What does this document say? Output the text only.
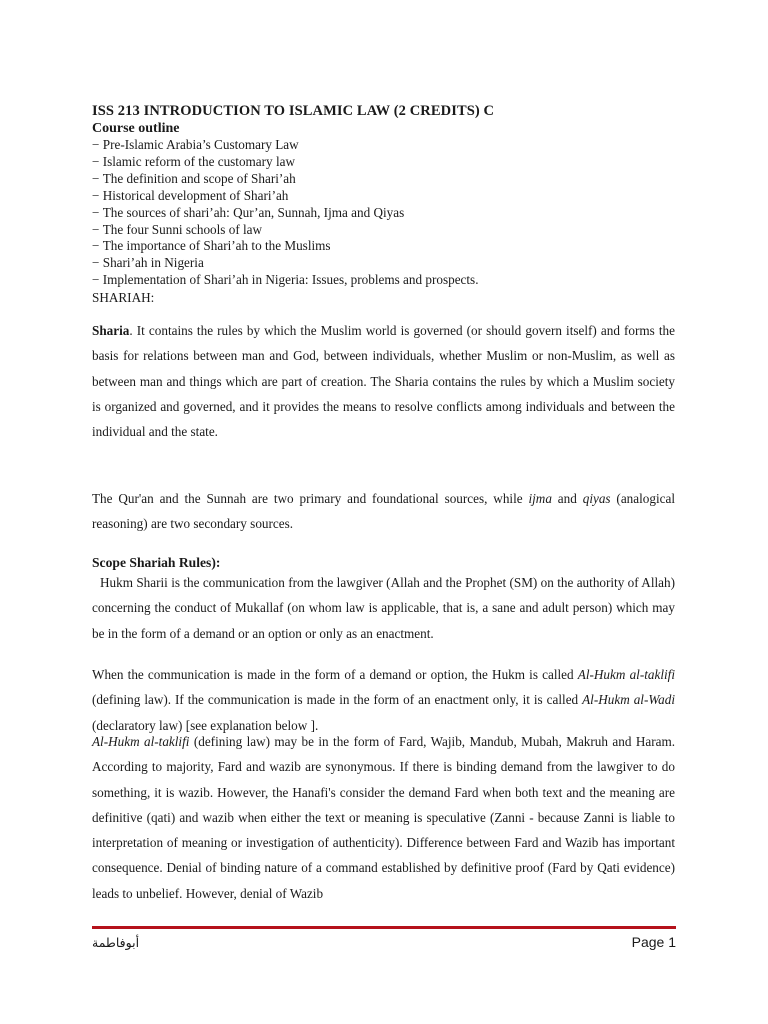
ISS 213 INTRODUCTION TO ISLAMIC LAW (2 CREDITS) C
Course outline
− Pre-Islamic Arabia’s Customary Law
− Islamic reform of the customary law
− The definition and scope of Shari’ah
− Historical development of Shari’ah
− The sources of shari’ah: Qur’an, Sunnah, Ijma and Qiyas
− The four Sunni schools of law
− The importance of Shari’ah to the Muslims
− Shari’ah in Nigeria
− Implementation of Shari’ah in Nigeria: Issues, problems and prospects.
SHARIAH:

Sharia. It contains the rules by which the Muslim world is governed (or should govern itself) and forms the basis for relations between man and God, between individuals, whether Muslim or non-Muslim, as well as between man and things which are part of creation. The Sharia contains the rules by which a Muslim society is organized and governed, and it provides the means to resolve conflicts among individuals and between the individual and the state.

The Qur'an and the Sunnah are two primary and foundational sources, while ijma and qiyas (analogical reasoning) are two secondary sources.

Scope Shariah Rules):

Hukm Sharii is the communication from the lawgiver (Allah and the Prophet (SM) on the authority of Allah) concerning the conduct of Mukallaf (on whom law is applicable, that is, a sane and adult person) which may be in the form of a demand or an option or only as an enactment.

When the communication is made in the form of a demand or option, the Hukm is called Al-Hukm al-taklifi (defining law). If the communication is made in the form of an enactment only, it is called Al-Hukm al-Wadi (declaratory law) [see explanation below ].

Al-Hukm al-taklifi (defining law) may be in the form of Fard, Wajib, Mandub, Mubah, Makruh and Haram. According to majority, Fard and wazib are synonymous. If there is binding demand from the lawgiver to do something, it is wazib. However, the Hanafi's consider the demand Fard when both text and the meaning are definitive (qati) and wazib when either the text or meaning is speculative (Zanni - because Zanni is liable to interpretation of meaning or investigation of authenticity). Difference between Fard and Wazib has important consequence. Denial of binding nature of a command established by definitive proof (Fard by Qati evidence) leads to unbelief. However, denial of Wazib

أبوفاطمة	Page 1
